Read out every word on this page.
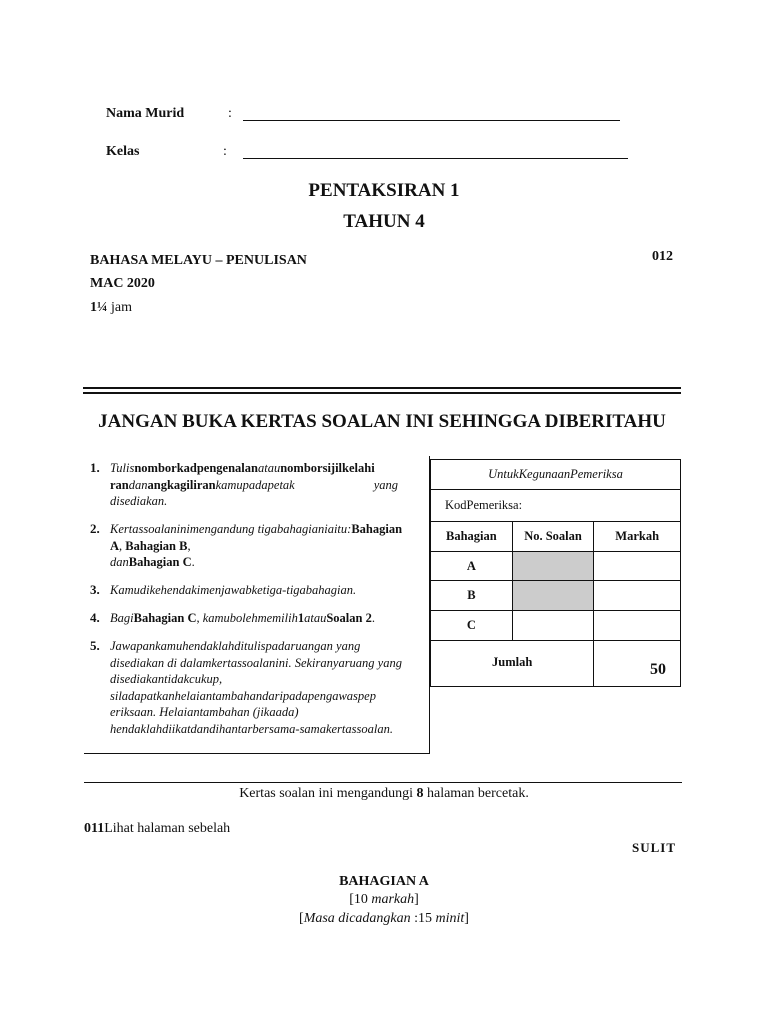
Nama Murid	:
Kelas	:
PENTAKSIRAN 1
TAHUN 4
BAHASA MELAYU – PENULISAN	012
MAC 2020
1¼ jam
JANGAN BUKA KERTAS SOALAN INI SEHINGGA DIBERITAHU
1. Tulisnomborkadpengenalanataunomborsijilkelahi randanangkagilirankamupadapetak	yang

disediakan.
2. Kertassoalaninimengandung tigabahagianiaitu:Bahagian A, Bahagian B,
danBahagian C.
3. Kamudikehendakimenjawabketiga-tigabahagian.
4. BagiBahagian C, kamubolehmemilih1atauSoalan 2.
5. Jawapankamuhendaklahditulispadaruangan yang disediakan di dalamkertassoalanini. Sekiranyaruang yang disediakantidakcukup, siladapatkanhelaiantambahandaripadapengawaspep eriksaan. Helaiantambahan (jikaada) hendaklahdiikatdandihantarbersama-samakertassoalan.
UntukKegunaanPemeriksa		
KodPemeriksa:		
Bahagian	No. Soalan	Markah
A		
B		
C		
Jumlah		50
Kertas soalan ini mengandungi 8 halaman bercetak.
011Lihat halaman sebelah
SULIT
BAHAGIAN A
[10 markah]
[Masa dicadangkan :15 minit]
